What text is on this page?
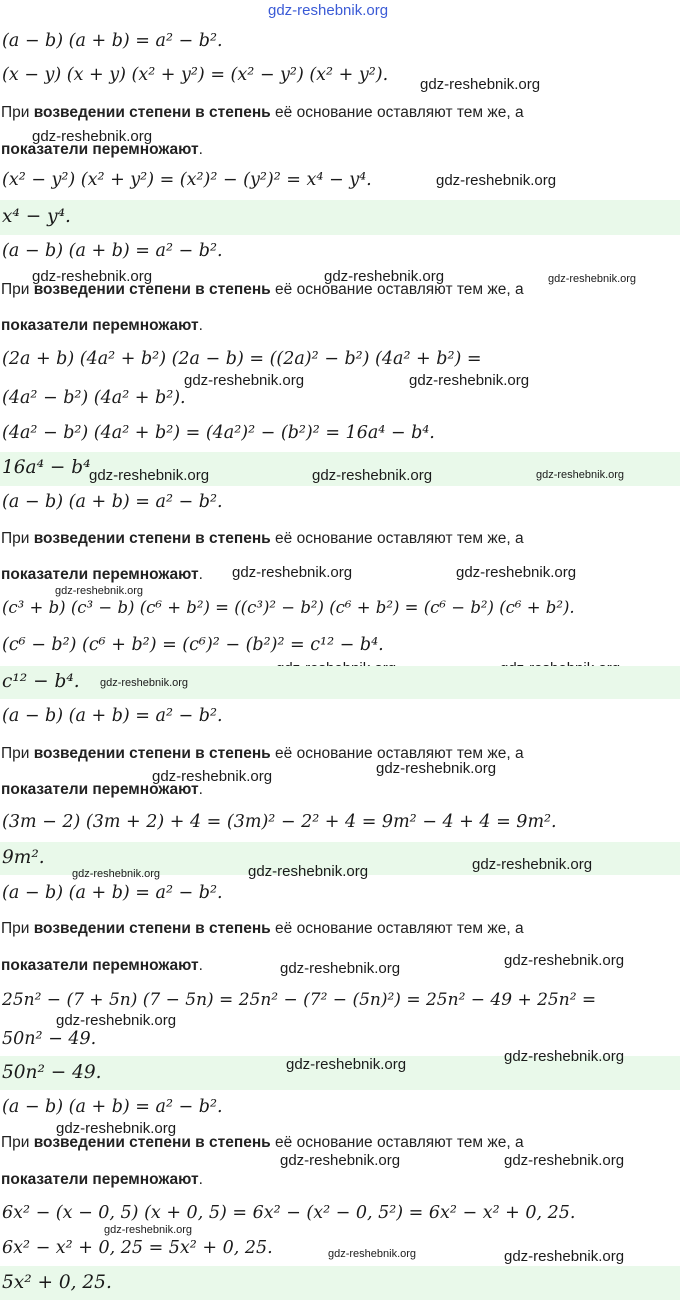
gdz-reshebnik.org
(a − b) (a + b) = a² − b².
(x − y) (x + y) (x² + y²) = (x² − y²) (x² + y²).	gdz-reshebnik.org
При возведении степени в степень её основание оставляют тем же, а
gdz-reshebnik.org
показатели перемножают.
(x² − y²) (x² + y²) = (x²)² − (y²)² = x⁴ − y⁴.	gdz-reshebnik.org
x⁴ − y⁴.
(a − b) (a + b) = a² − b².
gdz-reshebnik.org	gdz-reshebnik.org	gdz-reshebnik.org
При возведении степени в степень её основание оставляют тем же, а
показатели перемножают.
(2a + b) (4a² + b²) (2a − b) = ((2a)² − b²) (4a² + b²) =
gdz-reshebnik.org	gdz-reshebnik.org
(4a² − b²) (4a² + b²).
(4a² − b²) (4a² + b²) = (4a²)² − (b²)² = 16a⁴ − b⁴.
16a⁴ − b⁴
gdz-reshebnik.org	gdz-reshebnik.org	gdz-reshebnik.org
(a − b) (a + b) = a² − b².
При возведении степени в степень её основание оставляют тем же, а
показатели перемножают.	gdz-reshebnik.org	gdz-reshebnik.org
gdz-reshebnik.org
(c³ + b) (c³ − b) (c⁶ + b²) = ((c³)² − b²) (c⁶ + b²) = (c⁶ − b²) (c⁶ + b²).
(c⁶ − b²) (c⁶ + b²) = (c⁶)² − (b²)² = c¹² − b⁴.
c¹² − b⁴.	gdz-reshebnik.org
(a − b) (a + b) = a² − b².
При возведении степени в степень её основание оставляют тем же, а
gdz-reshebnik.org
gdz-reshebnik.org
показатели перемножают.
(3m − 2) (3m + 2) + 4 = (3m)² − 2² + 4 = 9m² − 4 + 4 = 9m².
9m².
gdz-reshebnik.org	gdz-reshebnik.org
gdz-reshebnik.org
(a − b) (a + b) = a² − b².
При возведении степени в степень её основание оставляют тем же, а
показатели перемножают.	gdz-reshebnik.org	gdz-reshebnik.org
25n² − (7 + 5n) (7 − 5n) = 25n² − (7² − (5n)²) = 25n² − 49 + 25n² =
gdz-reshebnik.org
50n² − 49.
50n² − 49.	gdz-reshebnik.org	gdz-reshebnik.org
(a − b) (a + b) = a² − b².
gdz-reshebnik.org
При возведении степени в степень её основание оставляют тем же, а
gdz-reshebnik.org	gdz-reshebnik.org
показатели перемножают.
6x² − (x − 0, 5) (x + 0, 5) = 6x² − (x² − 0, 5²) = 6x² − x² + 0, 25.
gdz-reshebnik.org
6x² − x² + 0, 25 = 5x² + 0, 25.	gdz-reshebnik.org	gdz-reshebnik.org
5x² + 0, 25.
